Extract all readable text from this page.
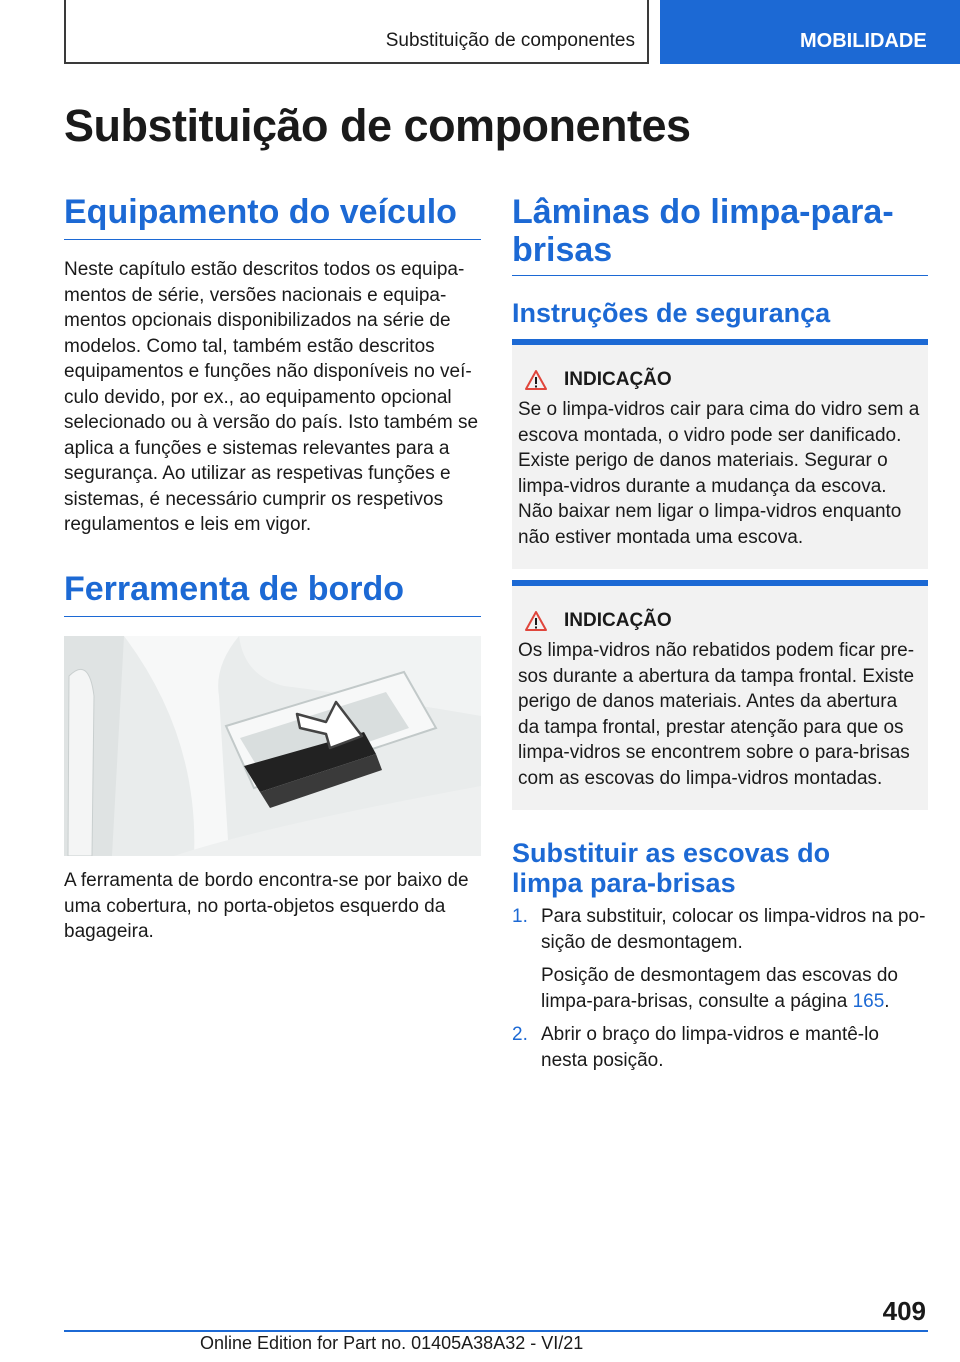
Substituição de componentes	MOBILIDADE
Substituição de componentes
Equipamento do veículo

Neste capítulo estão descritos todos os equipamentos de série, versões nacionais e equipamentos opcionais disponibilizados na série de modelos. Como tal, também estão descritos equipamentos e funções não disponíveis no veículo devido, por ex., ao equipamento opcional selecionado ou à versão do país. Isto também se aplica a funções e sistemas relevantes para a segurança. Ao utilizar as respetivas funções e sistemas, é necessário cumprir os respetivos regulamentos e leis em vigor.

Ferramenta de bordo

A ferramenta de bordo encontra-se por baixo de uma cobertura, no porta-objetos esquerdo da bagageira.

Lâminas do limpa-para-brisas
Instruções de segurança
INDICAÇÃO

Se o limpa-vidros cair para cima do vidro sem a escova montada, o vidro pode ser danificado. Existe perigo de danos materiais. Segurar o limpa-vidros durante a mudança da escova. Não baixar nem ligar o limpa-vidros enquanto não estiver montada uma escova.

INDICAÇÃO

Os limpa-vidros não rebatidos podem ficar presos durante a abertura da tampa frontal. Existe perigo de danos materiais. Antes da abertura da tampa frontal, prestar atenção para que os limpa-vidros se encontrem sobre o para-brisas com as escovas do limpa-vidros montadas.

Substituir as escovas do limpa para-brisas
1. Para substituir, colocar os limpa-vidros na posição de desmontagem.

Posição de desmontagem das escovas do limpa-para-brisas, consulte a página 165.

2. Abrir o braço do limpa-vidros e mantê-lo nesta posição.

409
Online Edition for Part no. 01405A38A32 - VI/21
